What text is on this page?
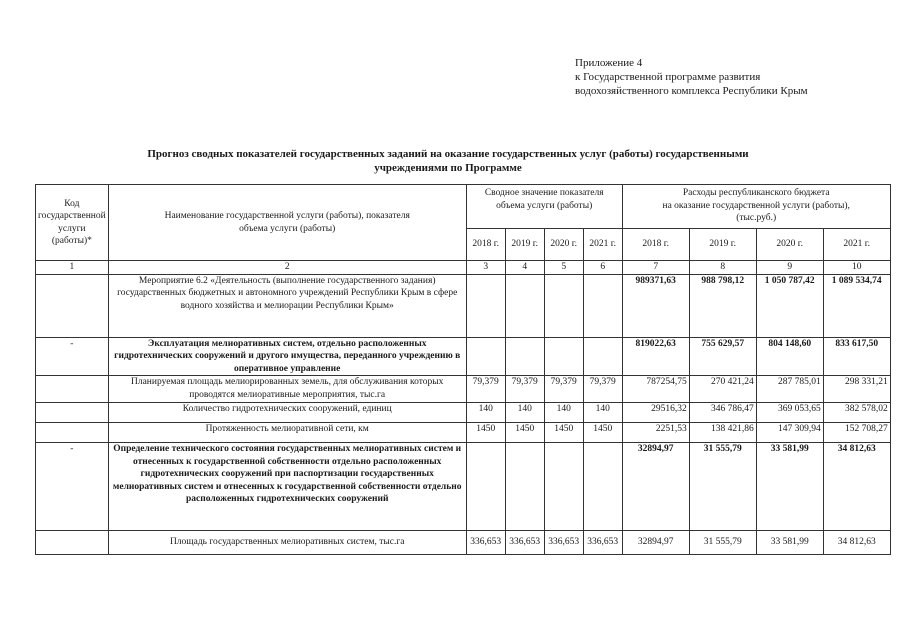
Приложение 4
к Государственной программе развития
водохозяйственного комплекса Республики Крым
Прогноз сводных показателей государственных заданий на оказание государственных услуг (работы) государственными
учреждениями по Программе
Код государственной услуги (работы)*	Наименование государственной услуги (работы), показателя объема услуги (работы)	Сводное значение показателя объема услуги (работы)				Расходы республиканского бюджета
на оказание государственной услуги (работы),
(тыс.руб.)			

		2018 г.	2019 г.	2020 г.	2021 г.	2018 г.	2019 г.	2020 г.	2021 г.
1	2	3	4	5	6	7	8	9	10
	Мероприятие 6.2 «Деятельность (выполнение государственного задания) государственных бюджетных и автономного учреждений Республики Крым в сфере водного хозяйства и мелиорации Республики Крым»					989371,63	988 798,12	1 050 787,42	1 089 534,74
-	Эксплуатация мелиоративных систем, отдельно расположенных гидротехнических сооружений и другого имущества, переданного учреждению в оперативное управление					819022,63	755 629,57	804 148,60	833 617,50
	Планируемая площадь мелиорированных земель, для обслуживания которых проводятся мелиоративные мероприятия, тыс.га	79,379	79,379	79,379	79,379	787254,75	270 421,24	287 785,01	298 331,21
	Количество гидротехнических сооружений, единиц	140	140	140	140	29516,32	346 786,47	369 053,65	382 578,02
	Протяженность мелиоративной сети, км	1450	1450	1450	1450	2251,53	138 421,86	147 309,94	152 708,27
-	Определение технического состояния государственных мелиоративных систем и отнесенных к государственной собственности отдельно расположенных гидротехнических сооружений при паспортизации государственных мелиоративных систем и отнесенных к государственной собственности отдельно расположенных гидротехнических сооружений					32894,97	31 555,79	33 581,99	34 812,63
	Площадь государственных мелиоративных систем, тыс.га	336,653	336,653	336,653	336,653	32894,97	31 555,79	33 581,99	34 812,63
